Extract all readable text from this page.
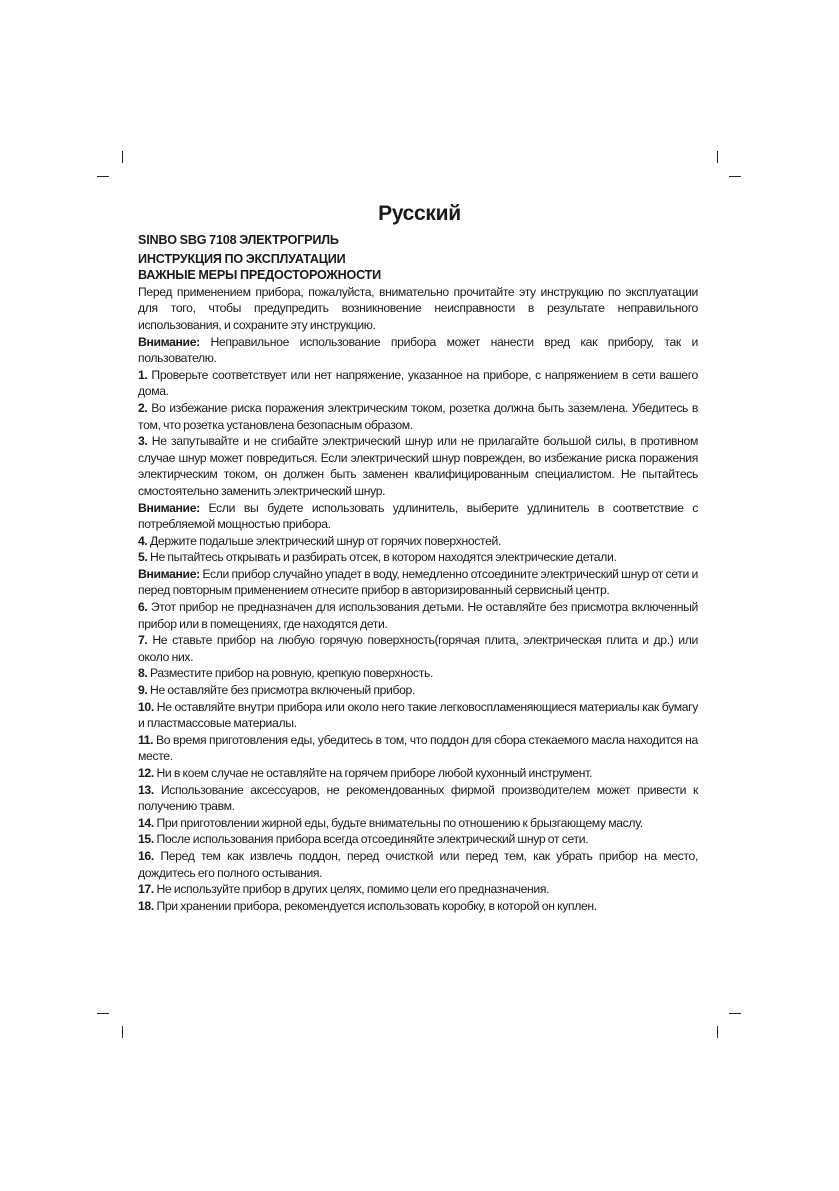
Русский

SINBO SBG 7108 ЭЛЕКТРОГРИЛЬ

ИНСТРУКЦИЯ ПО ЭКСПЛУАТАЦИИ

ВАЖНЫЕ МЕРЫ ПРЕДОСТОРОЖНОСТИ

Перед применением прибора, пожалуйста, внимательно прочитайте эту инструкцию по эксплуатации для того, чтобы предупредить возникновение неисправности в результате неправильного использования, и сохраните эту инструкцию.

Внимание: Неправильное использование прибора может нанести вред как прибору, так и пользователю.

1. Проверьте соответствует или нет напряжение, указанное на приборе, с напряжением в сети вашего дома.

2. Во избежание риска поражения электрическим током, розетка должна быть заземлена. Убедитесь в том, что розетка установлена безопасным образом.

3. Не запутывайте и не сгибайте электрический шнур или не прилагайте большой силы, в противном случае шнур может повредиться. Если электрический шнур поврежден, во избежание риска поражения электирческим током, он должен быть заменен квалифицированным специалистом. Не пытайтесь смостоятельно заменить электрический шнур.

Внимание: Если вы будете использовать удлинитель, выберите удлинитель в соответствие с потребляемой мощностью прибора.

4. Держите подальше электрический шнур от горячих поверхностей.

5. Не пытайтесь открывать и разбирать отсек, в котором находятся электрические детали.

Внимание: Если прибор случайно упадет в воду, немедленно отсоедините электрический шнур от сети и перед повторным применением отнесите прибор в авторизированный сервисный центр.

6. Этот прибор не предназначен для использования детьми. Не оставляйте без присмотра включенный прибор или в помещениях, где находятся дети.

7. Не ставьте прибор на любую горячую поверхность(горячая плита, электрическая плита и др.) или около них.

8. Разместите прибор на ровную, крепкую поверхность.

9. Не оставляйте без присмотра включеный прибор.

10. Не оставляйте внутри прибора или около него такие легковоспламеняющиеся материалы как бумагу и пластмассовые материалы.

11. Во время приготовления еды, убедитесь в том, что поддон для сбора стекаемого масла находится на месте.

12. Ни в коем случае не оставляйте на горячем приборе любой кухонный инструмент.

13. Использование аксессуаров, не рекомендованных фирмой производителем может привести к получению травм.

14. При приготовлении жирной еды, будьте внимательны по отношению к брызгающему маслу.

15. После использования прибора всегда отсоединяйте электрический шнур от сети.

16. Перед тем как извлечь поддон, перед очисткой или перед тем, как убрать прибор на место, дождитесь его полного остывания.

17. Не используйте прибор в других целях, помимо цели его предназначения.

18. При хранении прибора, рекомендуется использовать коробку, в которой он куплен.
